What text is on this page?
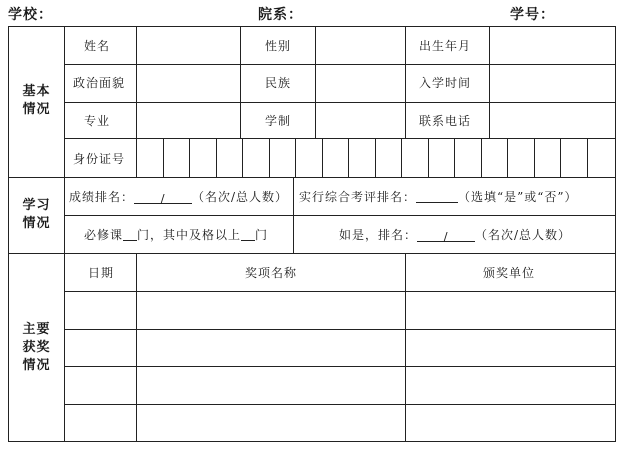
学校：	院系：	学号：
基本
情况
学习
情况
主要
获奖
情况
姓名	性别	出生年月
政治面貌	民族	入学时间
专业	学制	联系电话
身份证号
成绩排名： / （名次/总人数） 实行综合考评排名：	（选填“是”或“否”）
必修课 门，其中及格以上 门	如是，排名： / （名次/总人数）
日期	奖项名称	颁奖单位
